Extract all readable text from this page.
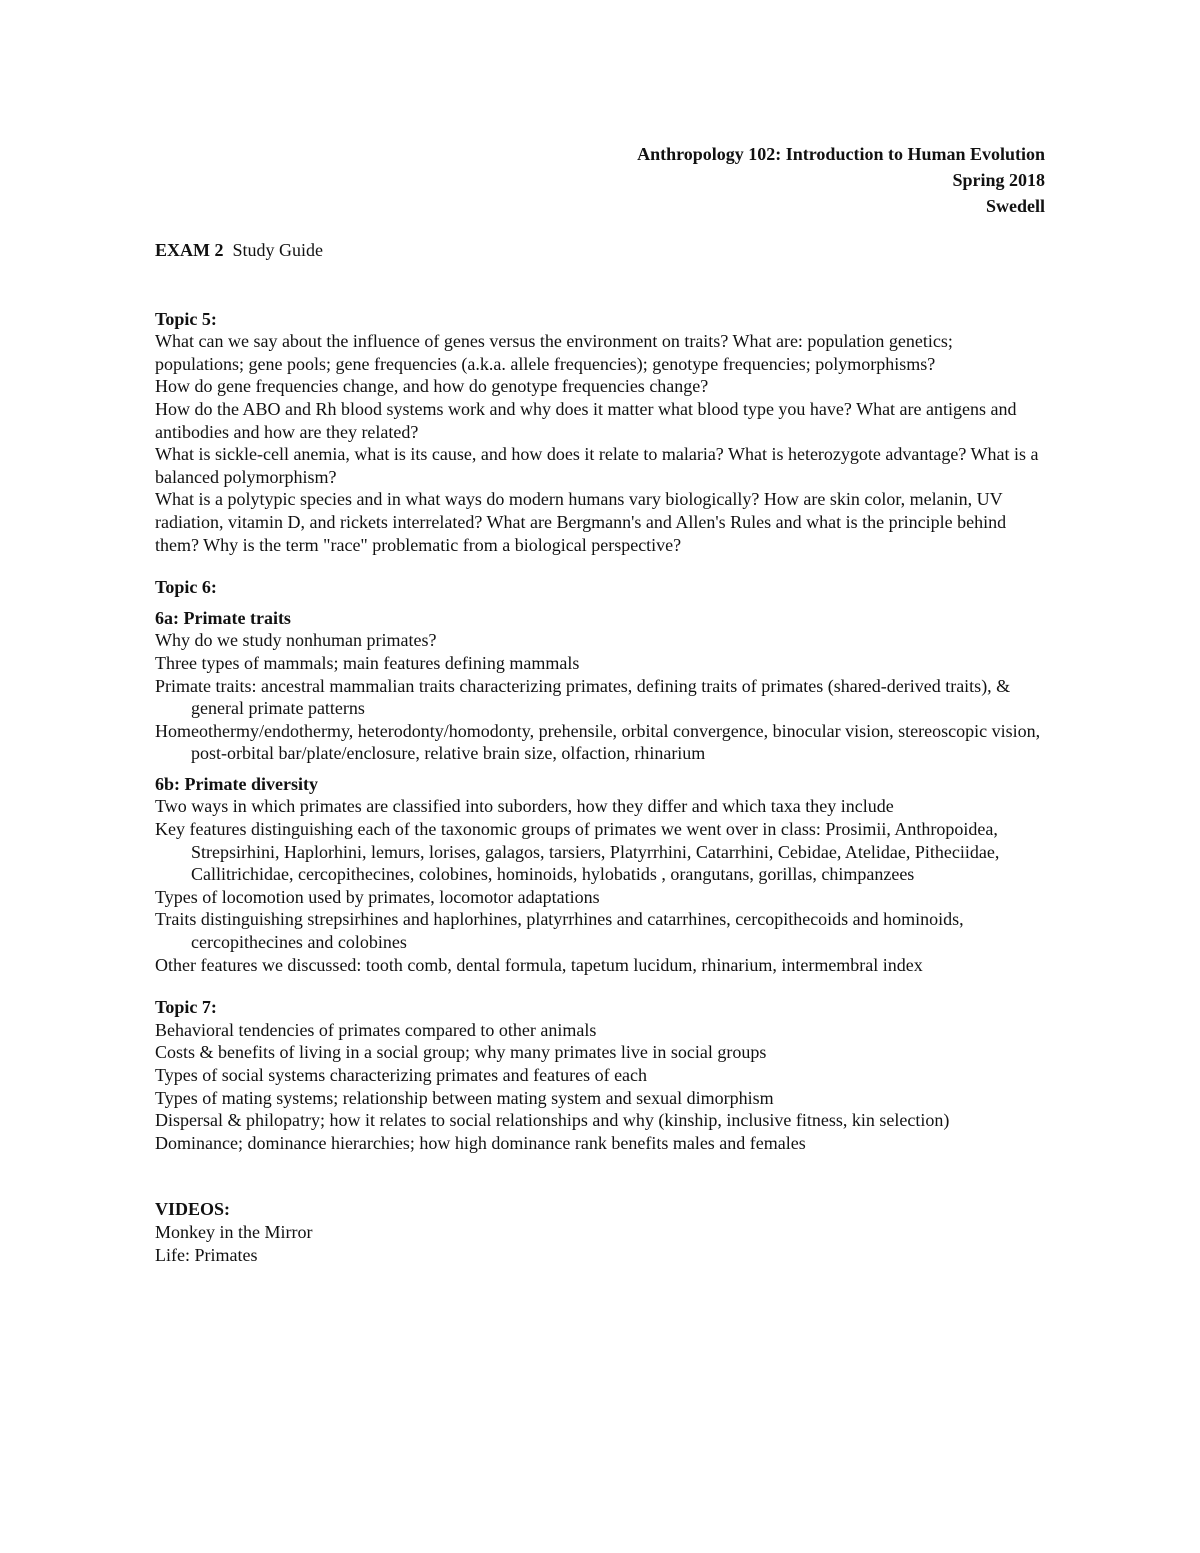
Anthropology 102: Introduction to Human Evolution
Spring 2018
Swedell
EXAM 2 Study Guide
Topic 5:

What can we say about the influence of genes versus the environment on traits? What are: population genetics; populations; gene pools; gene frequencies (a.k.a. allele frequencies); genotype frequencies; polymorphisms?

How do gene frequencies change, and how do genotype frequencies change?

How do the ABO and Rh blood systems work and why does it matter what blood type you have? What are antigens and antibodies and how are they related?

What is sickle-cell anemia, what is its cause, and how does it relate to malaria? What is heterozygote advantage? What is a balanced polymorphism?

What is a polytypic species and in what ways do modern humans vary biologically? How are skin color, melanin, UV radiation, vitamin D, and rickets interrelated? What are Bergmann's and Allen's Rules and what is the principle behind them? Why is the term "race" problematic from a biological perspective?

Topic 6:
6a: Primate traits

Why do we study nonhuman primates?

Three types of mammals; main features defining mammals

Primate traits: ancestral mammalian traits characterizing primates, defining traits of primates (shared-derived traits), & general primate patterns

Homeothermy/endothermy, heterodonty/homodonty, prehensile, orbital convergence, binocular vision, stereoscopic vision, post-orbital bar/plate/enclosure, relative brain size, olfaction, rhinarium

6b: Primate diversity

Two ways in which primates are classified into suborders, how they differ and which taxa they include

Key features distinguishing each of the taxonomic groups of primates we went over in class: Prosimii, Anthropoidea, Strepsirhini, Haplorhini, lemurs, lorises, galagos, tarsiers, Platyrrhini, Catarrhini, Cebidae, Atelidae, Pitheciidae, Callitrichidae, cercopithecines, colobines, hominoids, hylobatids , orangutans, gorillas, chimpanzees

Types of locomotion used by primates, locomotor adaptations

Traits distinguishing strepsirhines and haplorhines, platyrrhines and catarrhines, cercopithecoids and hominoids, cercopithecines and colobines

Other features we discussed: tooth comb, dental formula, tapetum lucidum, rhinarium, intermembral index

Topic 7:

Behavioral tendencies of primates compared to other animals

Costs & benefits of living in a social group; why many primates live in social groups

Types of social systems characterizing primates and features of each

Types of mating systems; relationship between mating system and sexual dimorphism

Dispersal & philopatry; how it relates to social relationships and why (kinship, inclusive fitness, kin selection)

Dominance; dominance hierarchies; how high dominance rank benefits males and females

VIDEOS:

Monkey in the Mirror

Life: Primates
